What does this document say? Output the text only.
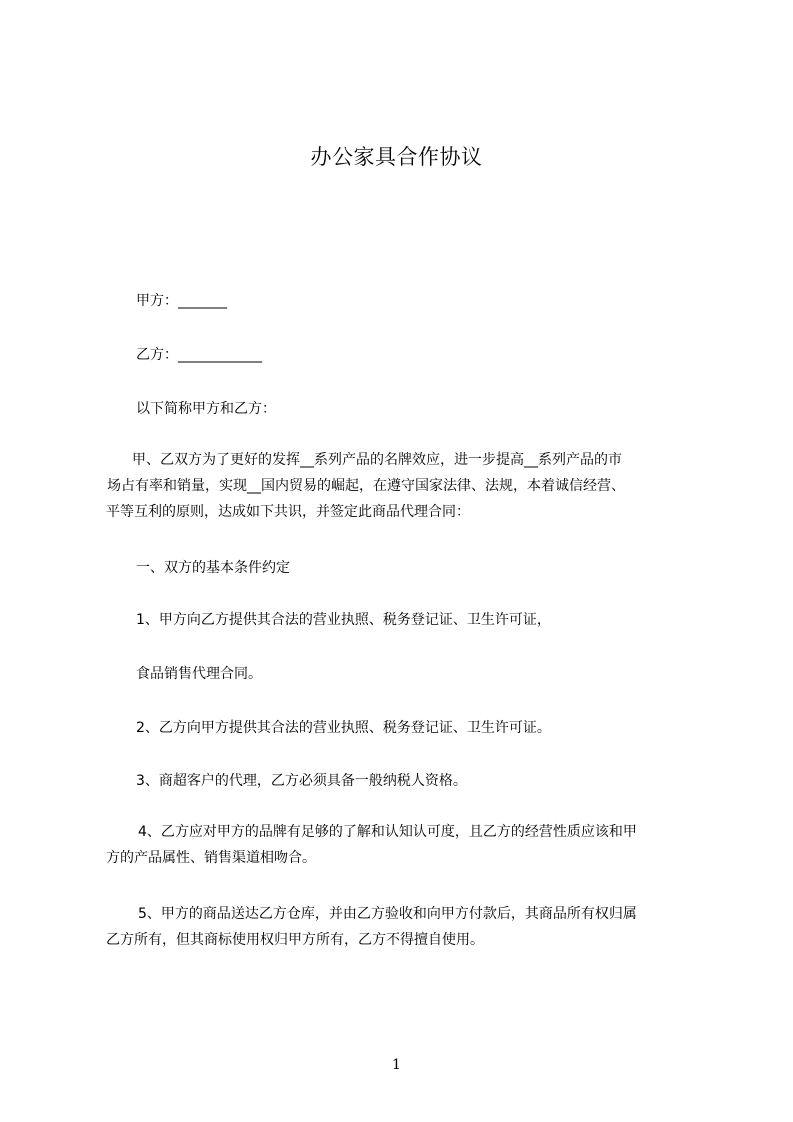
办公家具合作协议
甲方：_______
乙方：____________
以下简称甲方和乙方：
　甲、乙双方为了更好的发挥__系列产品的名牌效应，进一步提高__系列产品的市
场占有率和销量，实现__国内贸易的崛起，在遵守国家法律、法规，本着诚信经营、
平等互利的原则，达成如下共识，并签定此商品代理合同：
一、双方的基本条件约定
1、甲方向乙方提供其合法的营业执照、税务登记证、卫生许可证，
食品销售代理合同。
2、乙方向甲方提供其合法的营业执照、税务登记证、卫生许可证。
3、商超客户的代理，乙方必须具备一般纳税人资格。
4、乙方应对甲方的品牌有足够的了解和认知认可度，且乙方的经营性质应该和甲
方的产品属性、销售渠道相吻合。
5、甲方的商品送达乙方仓库，并由乙方验收和向甲方付款后，其商品所有权归属
乙方所有，但其商标使用权归甲方所有，乙方不得擅自使用。
1
